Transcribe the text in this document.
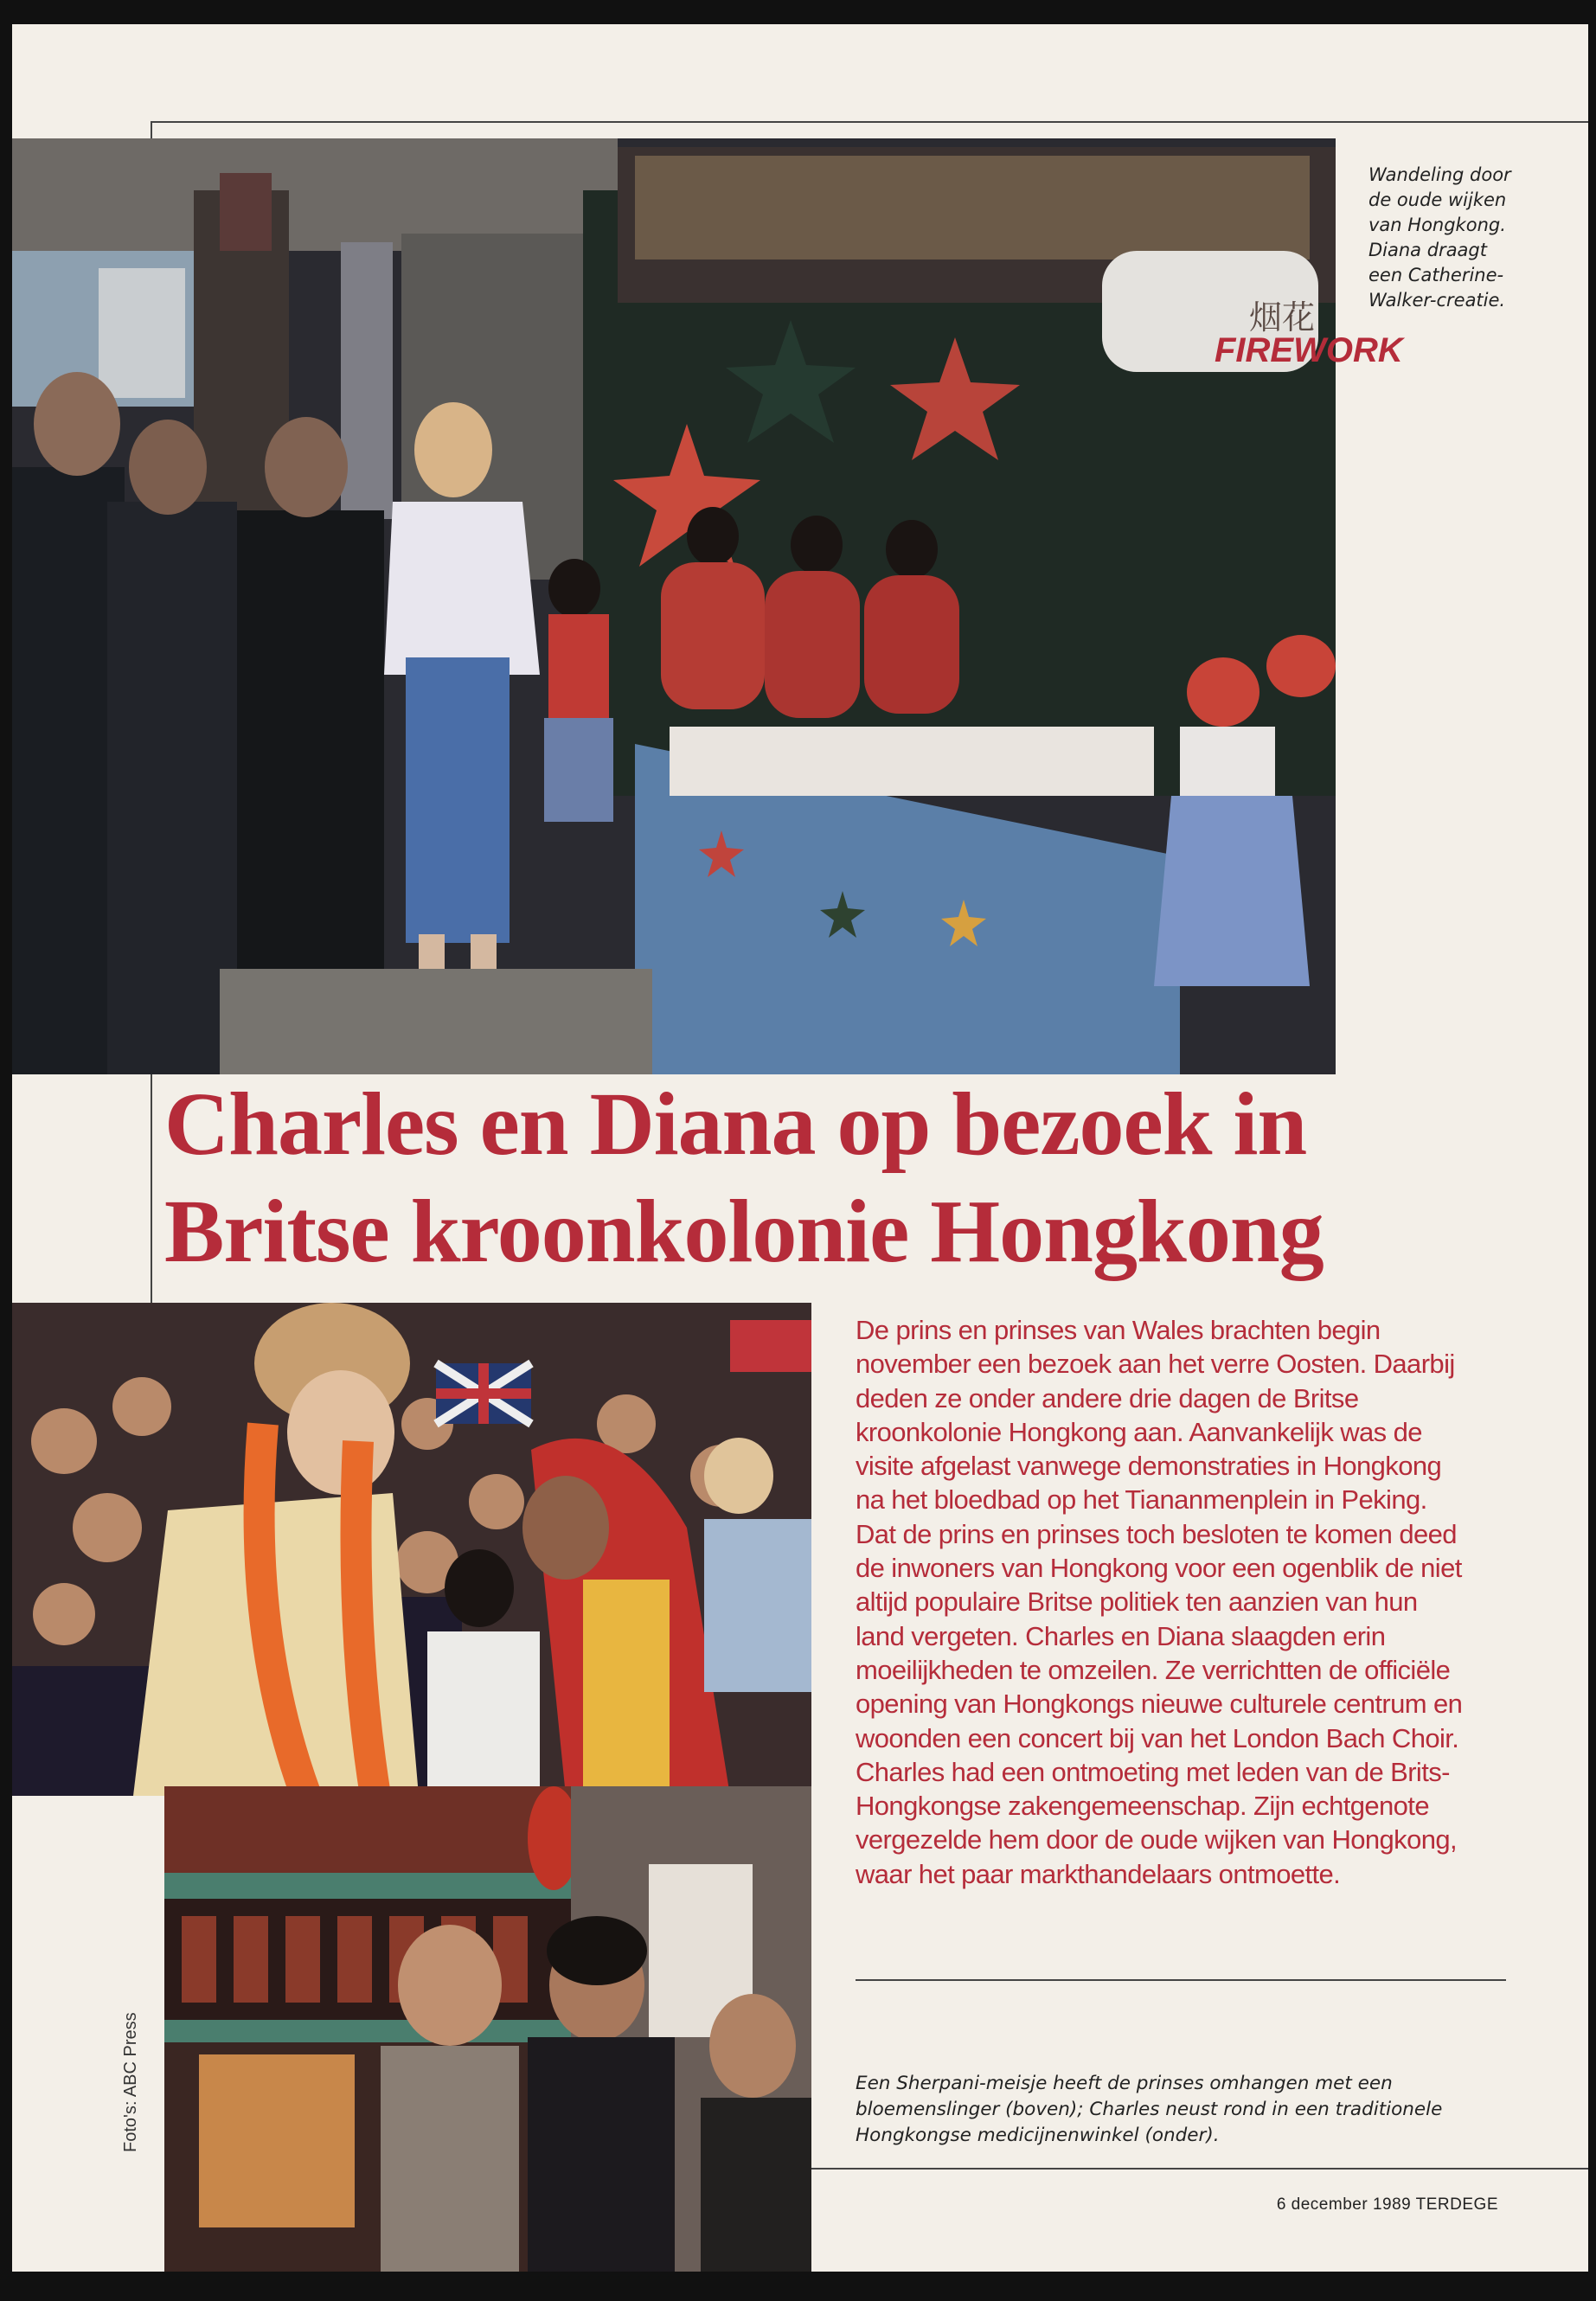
FIREWORK
烟花
Wandeling door de oude wijken van Hongkong. Diana draagt een Catherine-Walker-creatie.
Charles en Diana op bezoek in
Britse kroonkolonie Hongkong
De prins en prinses van Wales brachten begin november een bezoek aan het verre Oosten. Daarbij deden ze onder andere drie dagen de Britse kroonkolonie Hongkong aan. Aanvankelijk was de visite afgelast vanwege demonstraties in Hongkong na het bloedbad op het Tiananmenplein in Peking. Dat de prins en prinses toch besloten te komen deed de inwoners van Hongkong voor een ogenblik de niet altijd populaire Britse politiek ten aanzien van hun land vergeten. Charles en Diana slaagden erin moeilijkheden te omzeilen. Ze verrichtten de officiële opening van Hongkongs nieuwe culturele centrum en woonden een concert bij van het London Bach Choir. Charles had een ontmoeting met leden van de Brits-Hongkongse zakengemeenschap. Zijn echtgenote vergezelde hem door de oude wijken van Hongkong, waar het paar markthandelaars ontmoette.
Een Sherpani-meisje heeft de prinses omhangen met een bloemenslinger (boven); Charles neust rond in een traditionele Hongkongse medicijnenwinkel (onder).
Foto's: ABC Press
6 december 1989 TERDEGE
